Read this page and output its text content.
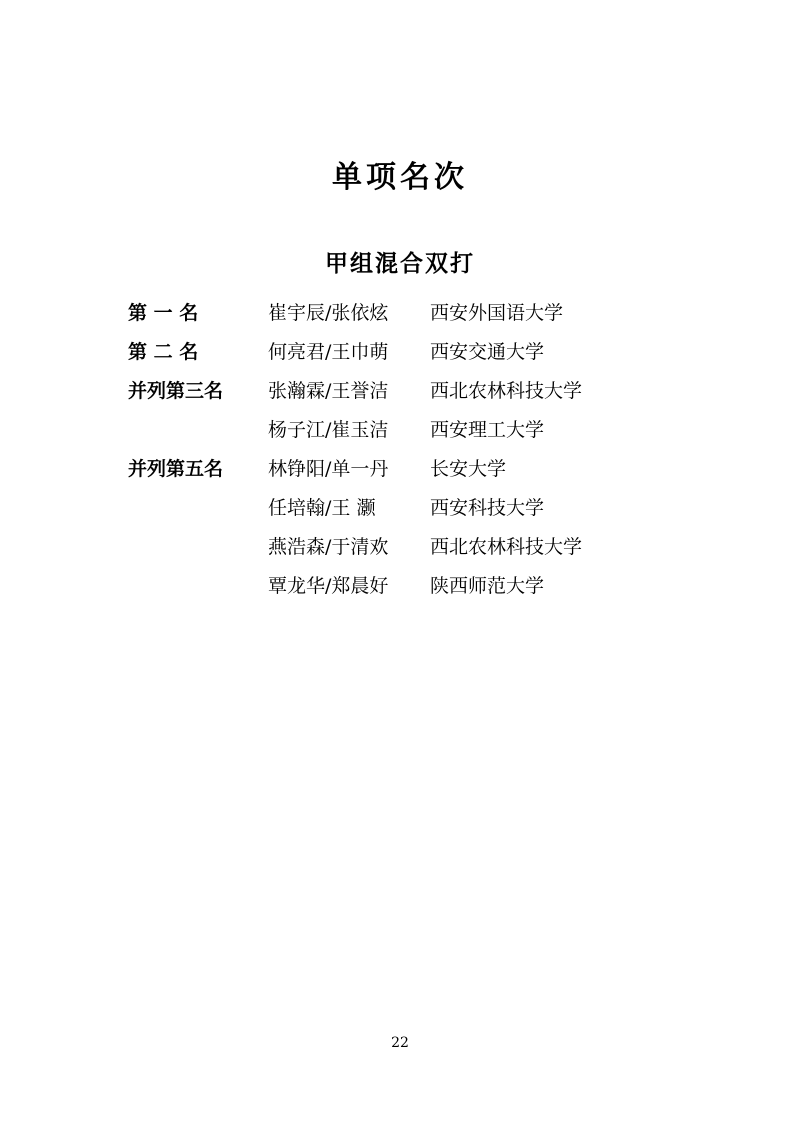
单项名次
甲组混合双打
第 一 名	崔宇辰/张依炫	西安外国语大学
第 二 名	何亮君/王巾萌	西安交通大学
并列第三名	张瀚霖/王誉洁	西北农林科技大学
杨子江/崔玉洁	西安理工大学
并列第五名	林铮阳/单一丹	长安大学
任培翰/王 灏	西安科技大学
燕浩森/于清欢	西北农林科技大学
覃龙华/郑晨好	陕西师范大学
22
